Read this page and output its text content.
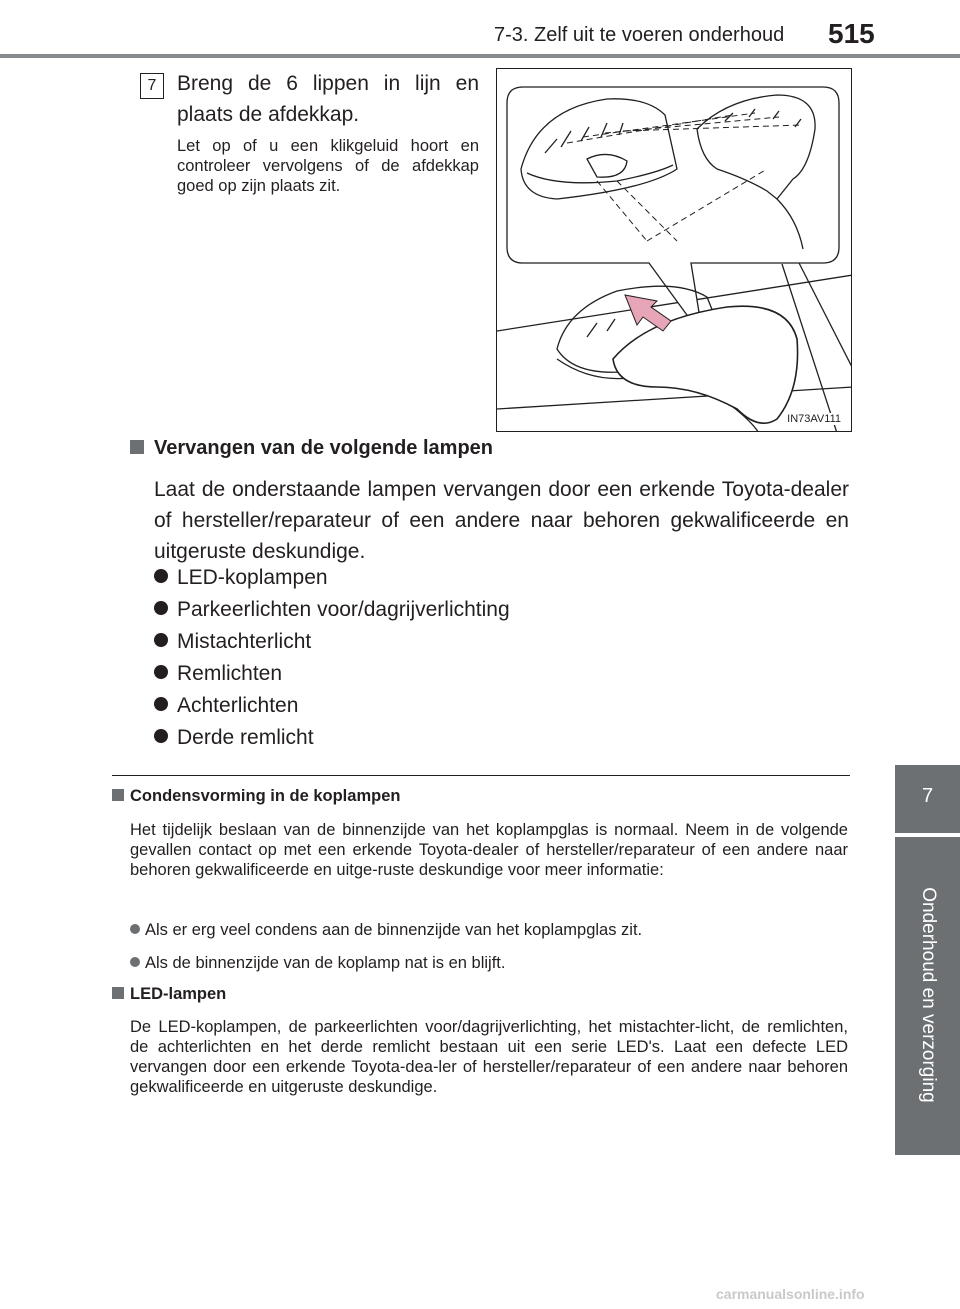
7-3. Zelf uit te voeren onderhoud 515
7
Onderhoud en verzorging
7 Breng de 6 lippen in lijn en plaats de afdekkap.
Let op of u een klikgeluid hoort en controleer vervolgens of de afdekkap goed op zijn plaats zit.
IN73AV111
Vervangen van de volgende lampen
Laat de onderstaande lampen vervangen door een erkende Toyota-dealer of hersteller/reparateur of een andere naar behoren gekwalificeerde en uitgeruste deskundige.
LED-koplampen
Parkeerlichten voor/dagrijverlichting
Mistachterlicht
Remlichten
Achterlichten
Derde remlicht
Condensvorming in de koplampen
Het tijdelijk beslaan van de binnenzijde van het koplampglas is normaal. Neem in de volgende gevallen contact op met een erkende Toyota-dealer of hersteller/reparateur of een andere naar behoren gekwalificeerde en uitge-ruste deskundige voor meer informatie:
Als er erg veel condens aan de binnenzijde van het koplampglas zit.
Als de binnenzijde van de koplamp nat is en blijft.
LED-lampen
De LED-koplampen, de parkeerlichten voor/dagrijverlichting, het mistachter-licht, de remlichten, de achterlichten en het derde remlicht bestaan uit een serie LED's. Laat een defecte LED vervangen door een erkende Toyota-dea-ler of hersteller/reparateur of een andere naar behoren gekwalificeerde en uitgeruste deskundige.
carmanualsonline.info
